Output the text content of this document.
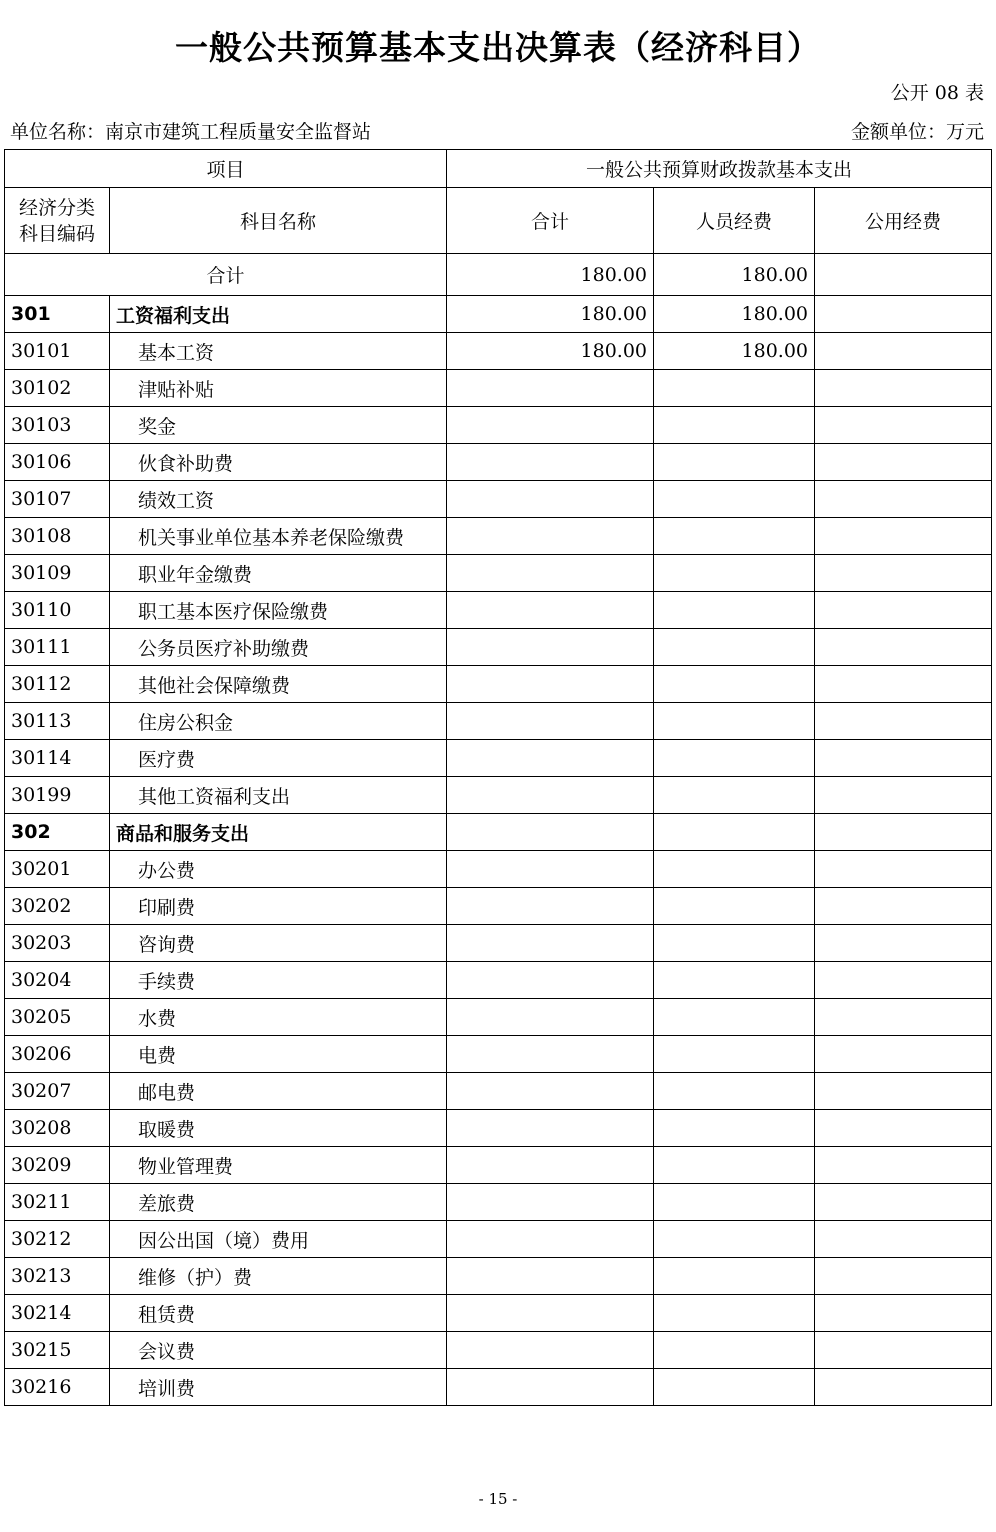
一般公共预算基本支出决算表（经济科目）
公开 08 表
单位名称：南京市建筑工程质量安全监督站	金额单位：万元
项目		一般公共预算财政拨款基本支出		
经济分类科目编码	科目名称	合计	人员经费	公用经费
合计		180.00	180.00	
301	工资福利支出	180.00	180.00	
30101	基本工资	180.00	180.00	
30102	津贴补贴			
30103	奖金			
30106	伙食补助费			
30107	绩效工资			
30108	机关事业单位基本养老保险缴费			
30109	职业年金缴费			
30110	职工基本医疗保险缴费			
30111	公务员医疗补助缴费			
30112	其他社会保障缴费			
30113	住房公积金			
30114	医疗费			
30199	其他工资福利支出			
302	商品和服务支出			
30201	办公费			
30202	印刷费			
30203	咨询费			
30204	手续费			
30205	水费			
30206	电费			
30207	邮电费			
30208	取暖费			
30209	物业管理费			
30211	差旅费			
30212	因公出国（境）费用			
30213	维修（护）费			
30214	租赁费			
30215	会议费			
30216	培训费			
- 15 -
